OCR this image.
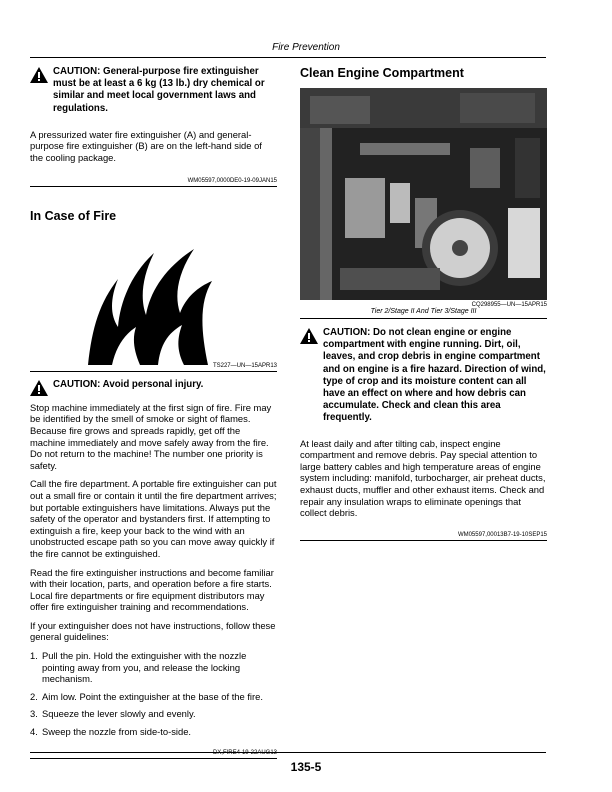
Fire Prevention
CAUTION: General-purpose fire extinguisher must be at least a 6 kg (13 lb.) dry chemical or similar and meet local government laws and regulations.

A pressurized water fire extinguisher (A) and general-purpose fire extinguisher (B) are on the left-hand side of the cooling package.

WM05597,0000DE0-19-09JAN15
In Case of Fire
TS227—UN—15APR13
CAUTION: Avoid personal injury.

Stop machine immediately at the first sign of fire. Fire may be identified by the smell of smoke or sight of flames. Because fire grows and spreads rapidly, get off the machine immediately and move safely away from the fire. Do not return to the machine! The number one priority is safety.

Call the fire department. A portable fire extinguisher can put out a small fire or contain it until the fire department arrives; but portable extinguishers have limitations. Always put the safety of the operator and bystanders first. If attempting to extinguish a fire, keep your back to the wind with an unobstructed escape path so you can move away quickly if the fire cannot be extinguished.

Read the fire extinguisher instructions and become familiar with their location, parts, and operation before a fire starts. Local fire departments or fire equipment distributors may offer fire extinguisher training and recommendations.

If your extinguisher does not have instructions, follow these general guidelines:

1. Pull the pin. Hold the extinguisher with the nozzle pointing away from you, and release the locking mechanism.
2. Aim low. Point the extinguisher at the base of the fire.
3. Squeeze the lever slowly and evenly.
4. Sweep the nozzle from side-to-side.
Clean Engine Compartment
CQ298955—UN—15APR15
Tier 2/Stage II And Tier 3/Stage III
CAUTION: Do not clean engine or engine compartment with engine running. Dirt, oil, leaves, and crop debris in engine compartment and on engine is a fire hazard. Direction of wind, type of crop and its moisture content can all have an effect on where and how debris can accumulate. Check and clean this area frequently.

At least daily and after tilting cab, inspect engine compartment and remove debris. Pay special attention to large battery cables and high temperature areas of engine system including: manifold, turbocharger, air preheat ducts, exhaust ducts, muffler and other exhaust items. Check and repair any insulation wraps to eliminate openings that collect debris.

WM05597,00013B7-19-10SEP15
135-5
